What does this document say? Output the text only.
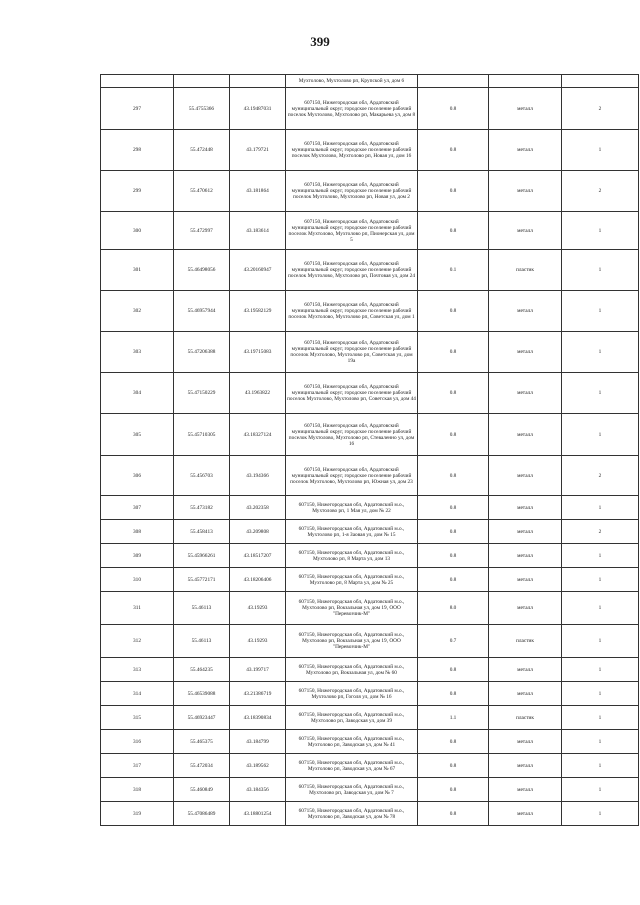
399
			Мухтолово, Мухтолово рп, Крупской ул, дом 6			
297	55.4755366	43.19487031	607150, Нижегородская обл, Ардатовский муниципальный округ, городское поселение рабочий поселок Мухтолово, Мухтолово рп, Макарьева ул, дом 8	0.8	металл	2
298	55.472448	43.179721	607150, Нижегородская обл, Ардатовский муниципальный округ, городское поселение рабочий поселок Мухтолово, Мухтолово рп, Новая ул, дом 16	0.8	металл	1
299	55.470612	43.181864	607150, Нижегородская обл, Ардатовский муниципальный округ, городское поселение рабочий поселок Мухтолово, Мухтолово рп, Новая ул, дом 2	0.8	металл	2
300	55.472997	43.183614	607150, Нижегородская обл, Ардатовский муниципальный округ, городское поселение рабочий поселок Мухтолово, Мухтолово рп, Пионерская ул, дом 5	0.8	металл	1
301	55.46498056	43.20160947	607150, Нижегородская обл, Ардатовский муниципальный округ, городское поселение рабочий поселок Мухтолово, Мухтолово рп, Почтовая ул, дом 24	0.1	пластик	1
302	55.46957944	43.19582129	607150, Нижегородская обл, Ардатовский муниципальный округ, городское поселение рабочий поселок Мухтолово, Мухтолово рп, Советская ул, дом 1	0.8	металл	1
303	55.47206388	43.19715083	607150, Нижегородская обл, Ардатовский муниципальный округ, городское поселение рабочий поселок Мухтолово, Мухтолово рп, Советская ул, дом 19а	0.8	металл	1
304	55.47150229	43.1963822	607150, Нижегородская обл, Ардатовский муниципальный округ, городское поселение рабочий поселок Мухтолово, Мухтолово рп, Советская ул, дом 44	0.8	металл	1
305	55.45710305	43.18327124	607150, Нижегородская обл, Ардатовский муниципальный округ, городское поселение рабочий поселок Мухтолово, Мухтолово рп, Стеваленно ул, дом 16	0.8	металл	1
306	55.456703	43.194366	607150, Нижегородская обл, Ардатовский муниципальный округ, городское поселение рабочий поселок Мухтолово, Мухтолово рп, Южная ул, дом 23	0.8	металл	2
307	55.473182	43.202358	607150, Нижегородская обл, Ардатовский м.о., Мухтолово рп, 1 Мая ул, дом № 22	0.8	металл	1
308	55.458413	43.209808	607150, Нижегородская обл, Ардатовский м.о., Мухтолово рп, 1-я Заовая ул, дом № 15	0.8	металл	2
309	55.45966261	43.18517207	607150, Нижегородская обл, Ардатовский м.о., Мухтолово рп, 8 Марта ул, дом 13	0.8	металл	1
310	55.45772171	43.18206406	607150, Нижегородская обл, Ардатовский м.о., Мухтолово рп, 8 Марта ул, дом № 25	0.8	металл	1
311	55.46113	43.19293	607150, Нижегородская обл, Ардатовский м.о., Мухтолово рп, Вокзальная ул, дом 19, ООО "Перевозчик-М"	8.0	металл	1
312	55.46113	43.19293	607150, Нижегородская обл, Ардатовский м.о., Мухтолово рп, Вокзальная ул, дом 19, ООО "Перевозчик-М"	0.7	пластик	1
313	55.464235	43.199717	607150, Нижегородская обл, Ардатовский м.о., Мухтолово рп, Вокзальная ул, дом № 60	0.8	металл	1
314	55.46539088	43.21386719	607150, Нижегородская обл, Ардатовский м.о., Мухтолово рп, Гоголя ул, дом № 16	0.8	металл	1
315	55.46923447	43.18390834	607150, Нижегородская обл, Ардатовский м.о., Мухтолово рп, Заводская ул, дом 39	1.1	пластик	1
316	55.465375	43.184799	607150, Нижегородская обл, Ардатовский м.о., Мухтолово рп, Заводская ул, дом № 41	0.8	металл	1
317	55.472034	43.189562	607150, Нижегородская обл, Ардатовский м.о., Мухтолово рп, Заводская ул, дом № 67	0.8	металл	1
318	55.460849	43.184356	607150, Нижегородская обл, Ардатовский м.о., Мухтолово рп, Заводская ул, дом № 7	0.8	металл	1
319	55.47086489	43.18801254	607150, Нижегородская обл, Ардатовский м.о., Мухтолово рп, Заводская ул, дом № 78	0.8	металл	1
